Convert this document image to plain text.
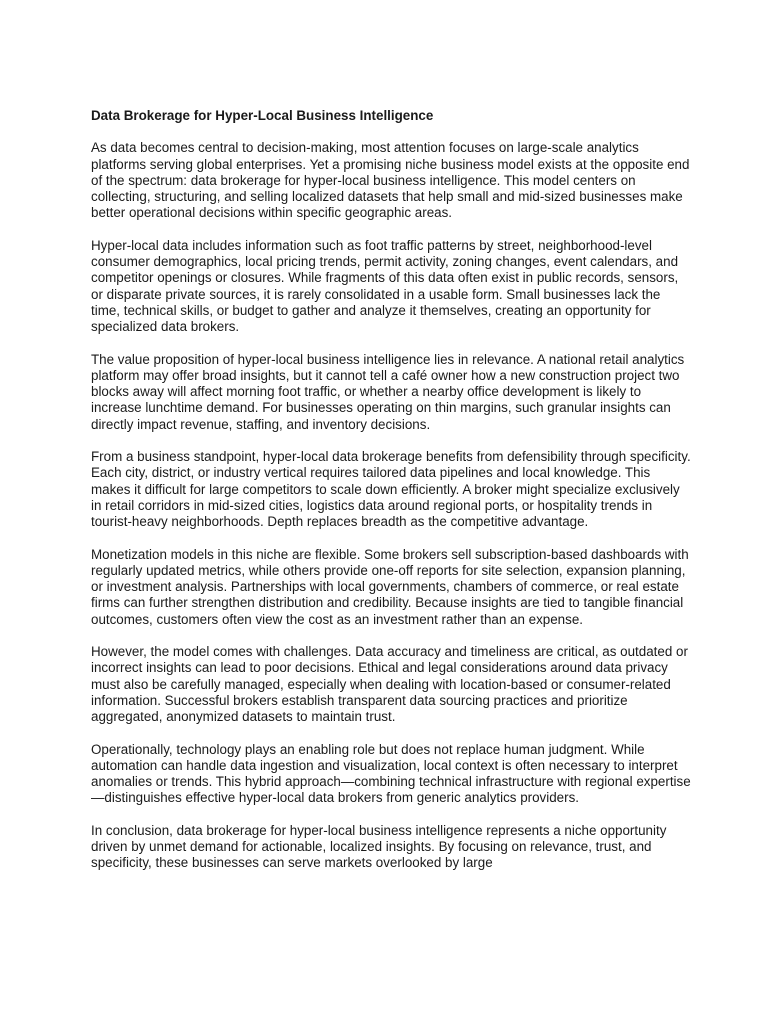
Data Brokerage for Hyper-Local Business Intelligence

As data becomes central to decision-making, most attention focuses on large-scale analytics platforms serving global enterprises. Yet a promising niche business model exists at the opposite end of the spectrum: data brokerage for hyper-local business intelligence. This model centers on collecting, structuring, and selling localized datasets that help small and mid-sized businesses make better operational decisions within specific geographic areas.

Hyper-local data includes information such as foot traffic patterns by street, neighborhood-level consumer demographics, local pricing trends, permit activity, zoning changes, event calendars, and competitor openings or closures. While fragments of this data often exist in public records, sensors, or disparate private sources, it is rarely consolidated in a usable form. Small businesses lack the time, technical skills, or budget to gather and analyze it themselves, creating an opportunity for specialized data brokers.

The value proposition of hyper-local business intelligence lies in relevance. A national retail analytics platform may offer broad insights, but it cannot tell a café owner how a new construction project two blocks away will affect morning foot traffic, or whether a nearby office development is likely to increase lunchtime demand. For businesses operating on thin margins, such granular insights can directly impact revenue, staffing, and inventory decisions.

From a business standpoint, hyper-local data brokerage benefits from defensibility through specificity. Each city, district, or industry vertical requires tailored data pipelines and local knowledge. This makes it difficult for large competitors to scale down efficiently. A broker might specialize exclusively in retail corridors in mid-sized cities, logistics data around regional ports, or hospitality trends in tourist-heavy neighborhoods. Depth replaces breadth as the competitive advantage.

Monetization models in this niche are flexible. Some brokers sell subscription-based dashboards with regularly updated metrics, while others provide one-off reports for site selection, expansion planning, or investment analysis. Partnerships with local governments, chambers of commerce, or real estate firms can further strengthen distribution and credibility. Because insights are tied to tangible financial outcomes, customers often view the cost as an investment rather than an expense.

However, the model comes with challenges. Data accuracy and timeliness are critical, as outdated or incorrect insights can lead to poor decisions. Ethical and legal considerations around data privacy must also be carefully managed, especially when dealing with location-based or consumer-related information. Successful brokers establish transparent data sourcing practices and prioritize aggregated, anonymized datasets to maintain trust.

Operationally, technology plays an enabling role but does not replace human judgment. While automation can handle data ingestion and visualization, local context is often necessary to interpret anomalies or trends. This hybrid approach—combining technical infrastructure with regional expertise—distinguishes effective hyper-local data brokers from generic analytics providers.

In conclusion, data brokerage for hyper-local business intelligence represents a niche opportunity driven by unmet demand for actionable, localized insights. By focusing on relevance, trust, and specificity, these businesses can serve markets overlooked by large
